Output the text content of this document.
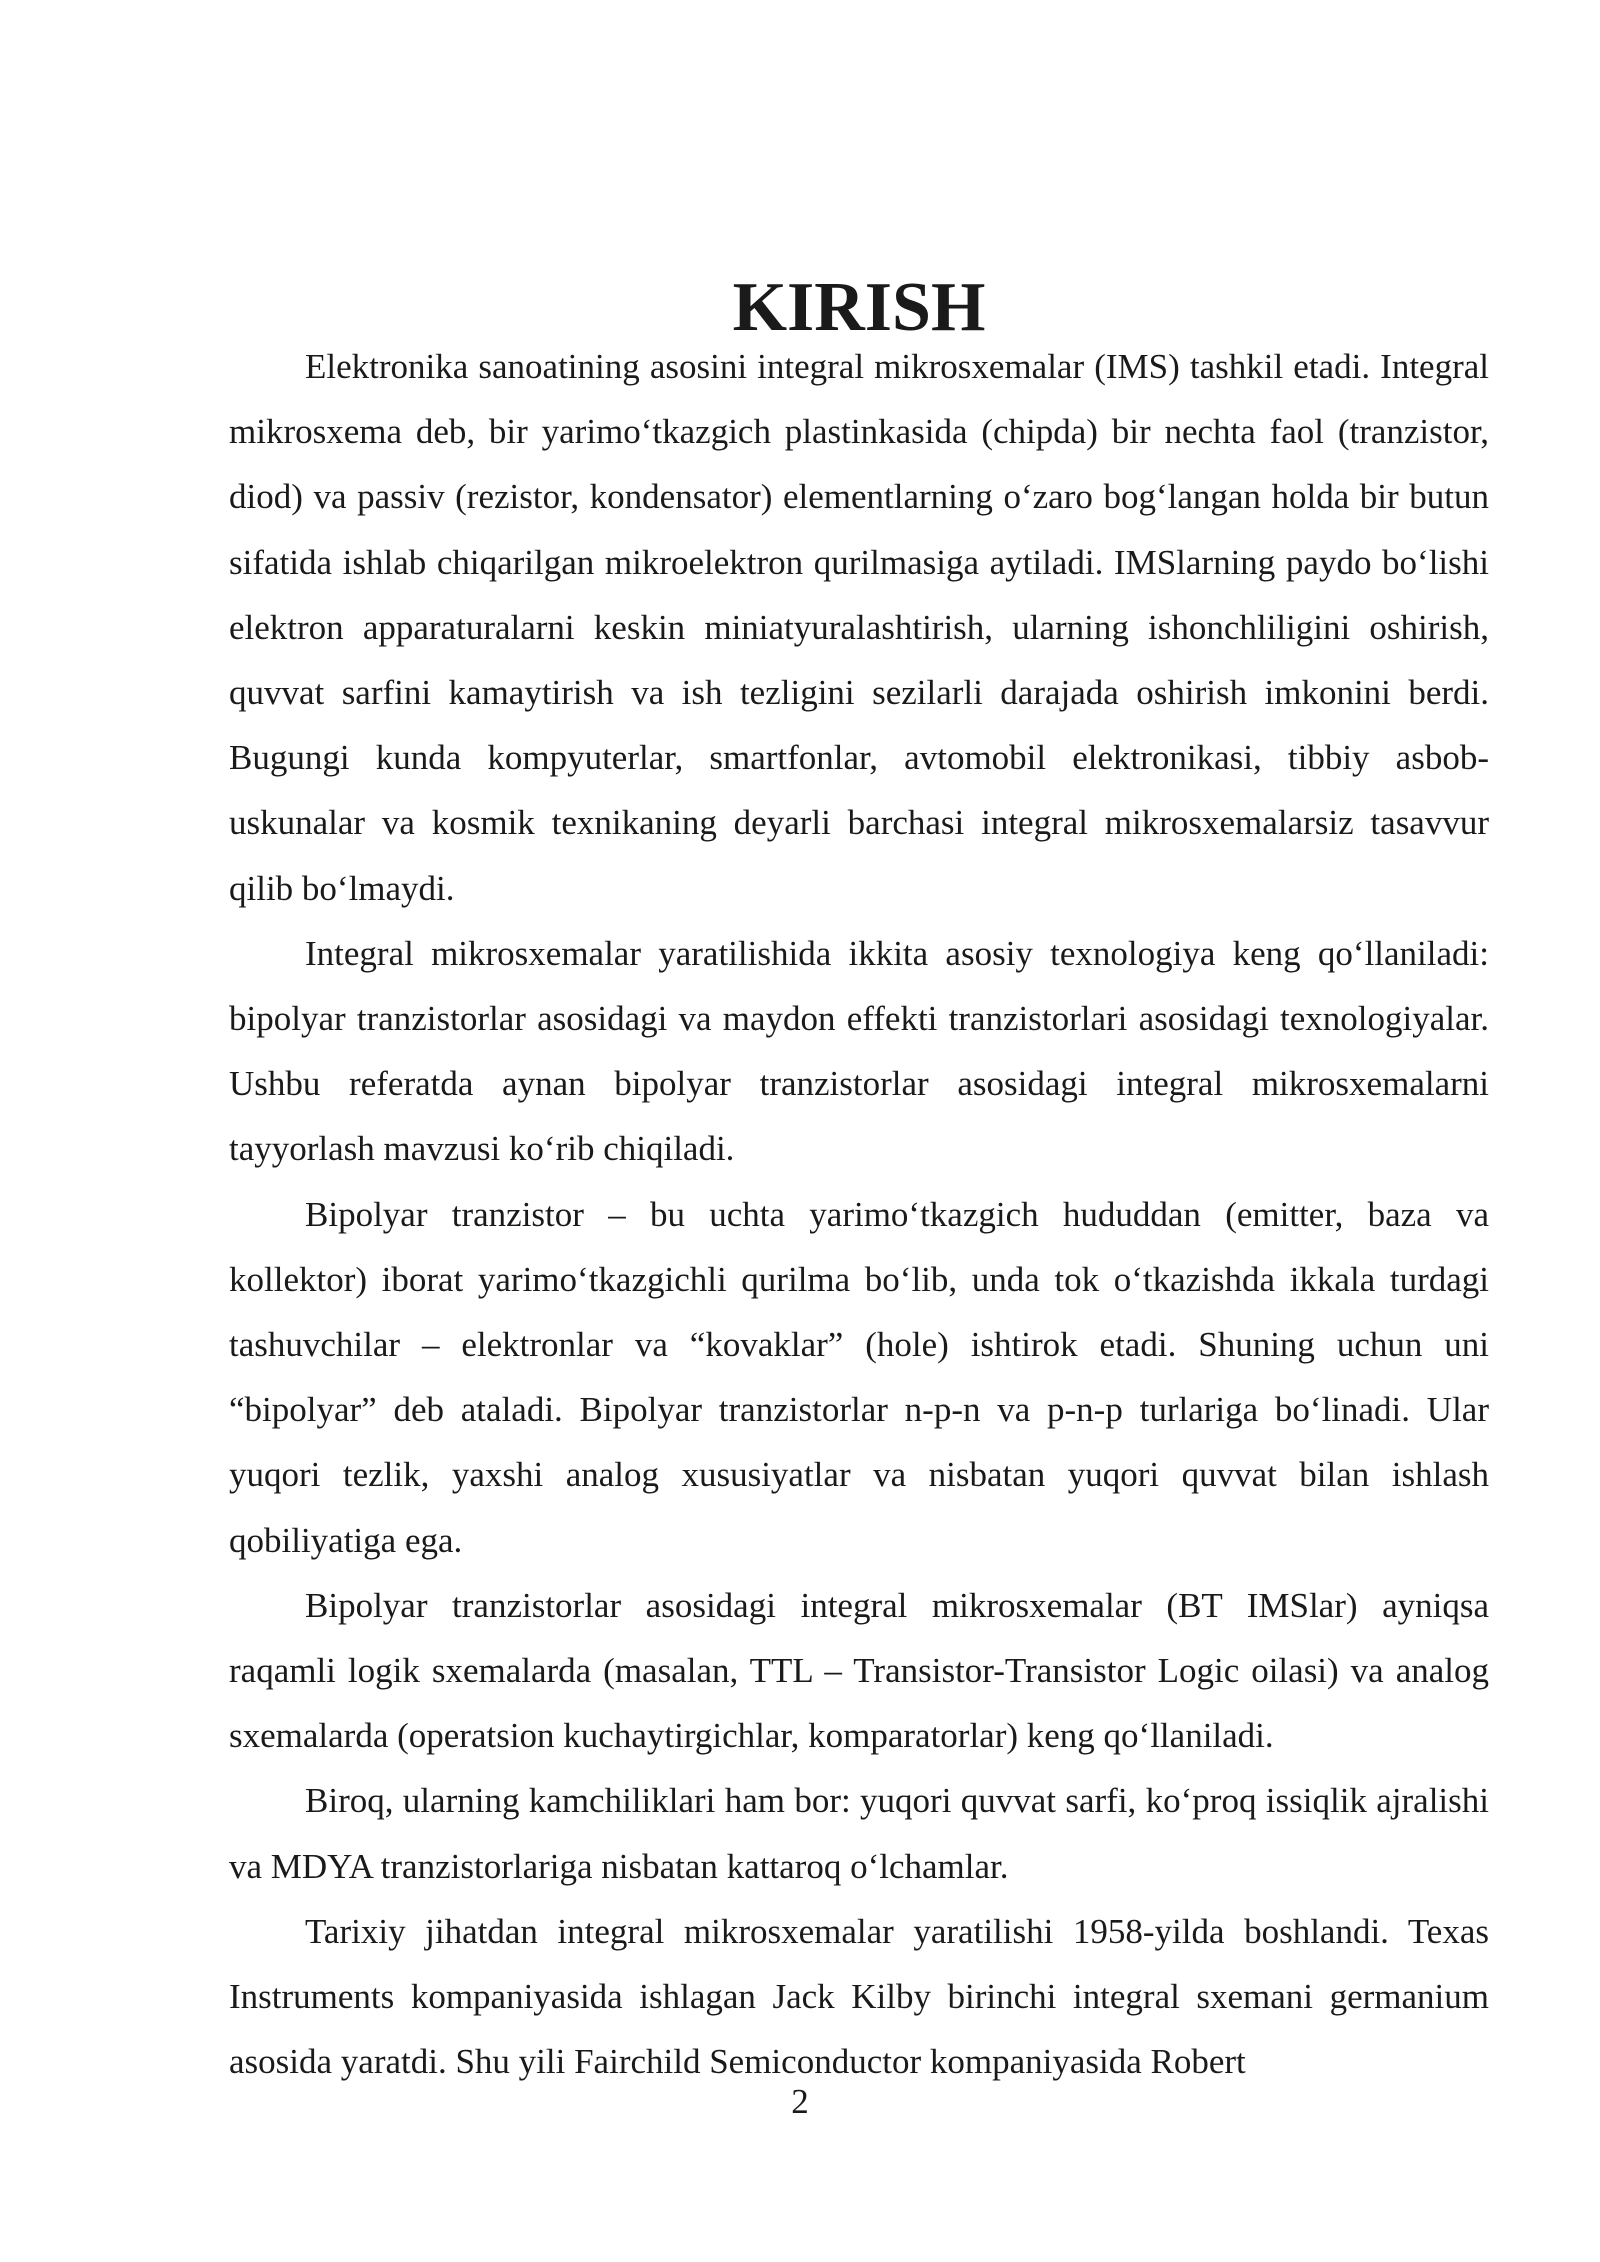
KIRISH

Elektronika sanoatining asosini integral mikrosxemalar (IMS) tashkil etadi. Integral mikrosxema deb, bir yarimo‘tkazgich plastinkasida (chipda) bir nechta faol (tranzistor, diod) va passiv (rezistor, kondensator) elementlarning o‘zaro bog‘langan holda bir butun sifatida ishlab chiqarilgan mikroelektron qurilmasiga aytiladi. IMSlarning paydo bo‘lishi elektron apparaturalarni keskin miniatyuralashtirish, ularning ishonchliligini oshirish, quvvat sarfini kamaytirish va ish tezligini sezilarli darajada oshirish imkonini berdi. Bugungi kunda kompyuterlar, smartfonlar, avtomobil elektronikasi, tibbiy asbob-uskunalar va kosmik texnikaning deyarli barchasi integral mikrosxemalarsiz tasavvur qilib bo‘lmaydi.

Integral mikrosxemalar yaratilishida ikkita asosiy texnologiya keng qo‘llaniladi: bipolyar tranzistorlar asosidagi va maydon effekti tranzistorlari asosidagi texnologiyalar. Ushbu referatda aynan bipolyar tranzistorlar asosidagi integral mikrosxemalarni tayyorlash mavzusi ko‘rib chiqiladi.

Bipolyar tranzistor – bu uchta yarimo‘tkazgich hududdan (emitter, baza va kollektor) iborat yarimo‘tkazgichli qurilma bo‘lib, unda tok o‘tkazishda ikkala turdagi tashuvchilar – elektronlar va “kovaklar” (hole) ishtirok etadi. Shuning uchun uni “bipolyar” deb ataladi. Bipolyar tranzistorlar n-p-n va p-n-p turlariga bo‘linadi. Ular yuqori tezlik, yaxshi analog xususiyatlar va nisbatan yuqori quvvat bilan ishlash qobiliyatiga ega.

Bipolyar tranzistorlar asosidagi integral mikrosxemalar (BT IMSlar) ayniqsa raqamli logik sxemalarda (masalan, TTL – Transistor-Transistor Logic oilasi) va analog sxemalarda (operatsion kuchaytirgichlar, komparatorlar) keng qo‘llaniladi.

Biroq, ularning kamchiliklari ham bor: yuqori quvvat sarfi, ko‘proq issiqlik ajralishi va MDYA tranzistorlariga nisbatan kattaroq o‘lchamlar.

Tarixiy jihatdan integral mikrosxemalar yaratilishi 1958-yilda boshlandi. Texas Instruments kompaniyasida ishlagan Jack Kilby birinchi integral sxemani germanium asosida yaratdi. Shu yili Fairchild Semiconductor kompaniyasida Robert

2
